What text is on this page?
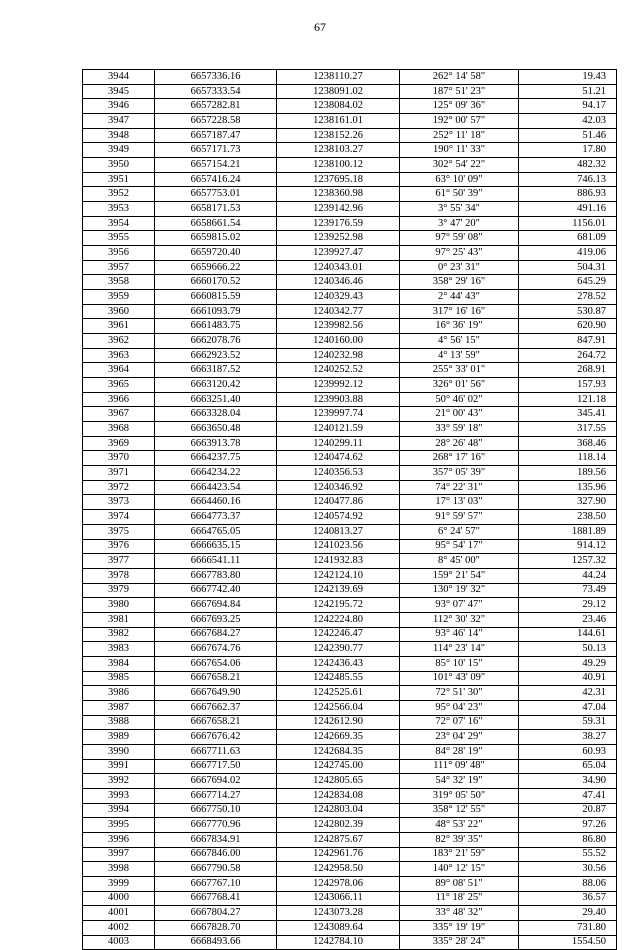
67
3944	6657336.16	1238110.27	262° 14' 58"	19.43
3945	6657333.54	1238091.02	187° 51' 23"	51.21
3946	6657282.81	1238084.02	125° 09' 36"	94.17
3947	6657228.58	1238161.01	192° 00' 57"	42.03
3948	6657187.47	1238152.26	252° 11' 18"	51.46
3949	6657171.73	1238103.27	190° 11' 33"	17.80
3950	6657154.21	1238100.12	302° 54' 22"	482.32
3951	6657416.24	1237695.18	63° 10' 09"	746.13
3952	6657753.01	1238360.98	61° 50' 39"	886.93
3953	6658171.53	1239142.96	3° 55' 34"	491.16
3954	6658661.54	1239176.59	3° 47' 20"	1156.01
3955	6659815.02	1239252.98	97° 59' 08"	681.09
3956	6659720.40	1239927.47	97° 25' 43"	419.06
3957	6659666.22	1240343.01	0° 23' 31"	504.31
3958	6660170.52	1240346.46	358° 29' 16"	645.29
3959	6660815.59	1240329.43	2° 44' 43"	278.52
3960	6661093.79	1240342.77	317° 16' 16"	530.87
3961	6661483.75	1239982.56	16° 36' 19"	620.90
3962	6662078.76	1240160.00	4° 56' 15"	847.91
3963	6662923.52	1240232.98	4° 13' 59"	264.72
3964	6663187.52	1240252.52	255° 33' 01"	268.91
3965	6663120.42	1239992.12	326° 01' 56"	157.93
3966	6663251.40	1239903.88	50° 46' 02"	121.18
3967	6663328.04	1239997.74	21° 00' 43"	345.41
3968	6663650.48	1240121.59	33° 59' 18"	317.55
3969	6663913.78	1240299.11	28° 26' 48"	368.46
3970	6664237.75	1240474.62	268° 17' 16"	118.14
3971	6664234.22	1240356.53	357° 05' 39"	189.56
3972	6664423.54	1240346.92	74° 22' 31"	135.96
3973	6664460.16	1240477.86	17° 13' 03"	327.90
3974	6664773.37	1240574.92	91° 59' 57"	238.50
3975	6664765.05	1240813.27	6° 24' 57"	1881.89
3976	6666635.15	1241023.56	95° 54' 17"	914.12
3977	6666541.11	1241932.83	8° 45' 00"	1257.32
3978	6667783.80	1242124.10	159° 21' 54"	44.24
3979	6667742.40	1242139.69	130° 19' 32"	73.49
3980	6667694.84	1242195.72	93° 07' 47"	29.12
3981	6667693.25	1242224.80	112° 30' 32"	23.46
3982	6667684.27	1242246.47	93° 46' 14"	144.61
3983	6667674.76	1242390.77	114° 23' 14"	50.13
3984	6667654.06	1242436.43	85° 10' 15"	49.29
3985	6667658.21	1242485.55	101° 43' 09"	40.91
3986	6667649.90	1242525.61	72° 51' 30"	42.31
3987	6667662.37	1242566.04	95° 04' 23"	47.04
3988	6667658.21	1242612.90	72° 07' 16"	59.31
3989	6667676.42	1242669.35	23° 04' 29"	38.27
3990	6667711.63	1242684.35	84° 28' 19"	60.93
3991	6667717.50	1242745.00	111° 09' 48"	65.04
3992	6667694.02	1242805.65	54° 32' 19"	34.90
3993	6667714.27	1242834.08	319° 05' 50"	47.41
3994	6667750.10	1242803.04	358° 12' 55"	20.87
3995	6667770.96	1242802.39	48° 53' 22"	97.26
3996	6667834.91	1242875.67	82° 39' 35"	86.80
3997	6667846.00	1242961.76	183° 21' 59"	55.52
3998	6667790.58	1242958.50	140° 12' 15"	30.56
3999	6667767.10	1242978.06	89° 08' 51"	88.06
4000	6667768.41	1243066.11	11° 18' 25"	36.57
4001	6667804.27	1243073.28	33° 48' 32"	29.40
4002	6667828.70	1243089.64	335° 19' 19"	731.80
4003	6668493.66	1242784.10	335° 28' 24"	1554.50
